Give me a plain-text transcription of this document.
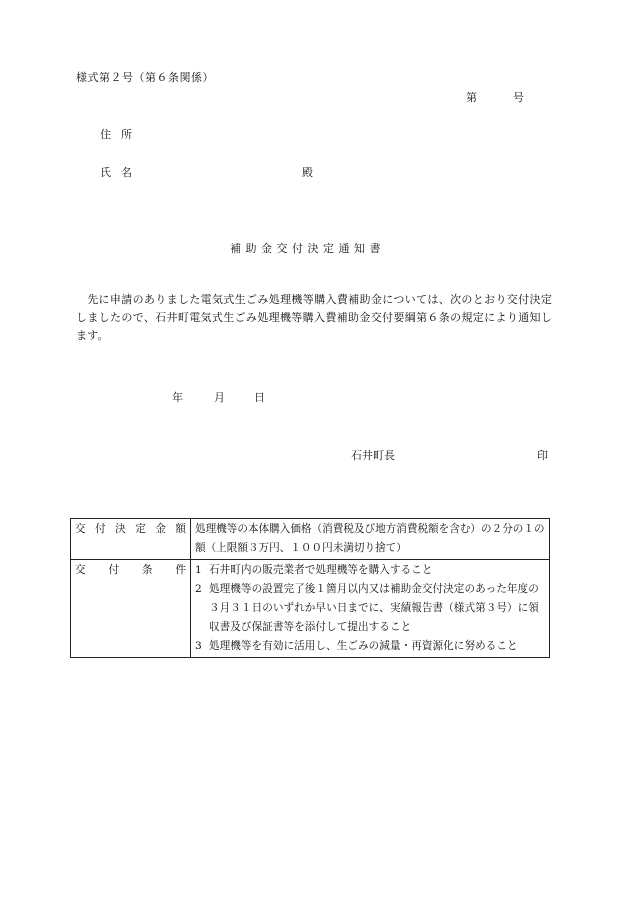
様式第２号（第６条関係）
第	号
住所
氏名	殿
補助金交付決定通知書
先に申請のありました電気式生ごみ処理機等購入費補助金については、次のとおり交付決定しましたので、石井町電気式生ごみ処理機等購入費補助金交付要綱第６条の規定により通知します。
年	月	日
石井町長	印
交付決定金額	処理機等の本体購入価格（消費税及び地方消費税額を含む）の２分の１の額（上限額３万円、１００円未満切り捨て）
交付条件	1 石井町内の販売業者で処理機等を購入すること
2 処理機等の設置完了後１箇月以内又は補助金交付決定のあった年度の３月３１日のいずれか早い日までに、実績報告書（様式第３号）に領収書及び保証書等を添付して提出すること
3 処理機等を有効に活用し、生ごみの減量・再資源化に努めること
